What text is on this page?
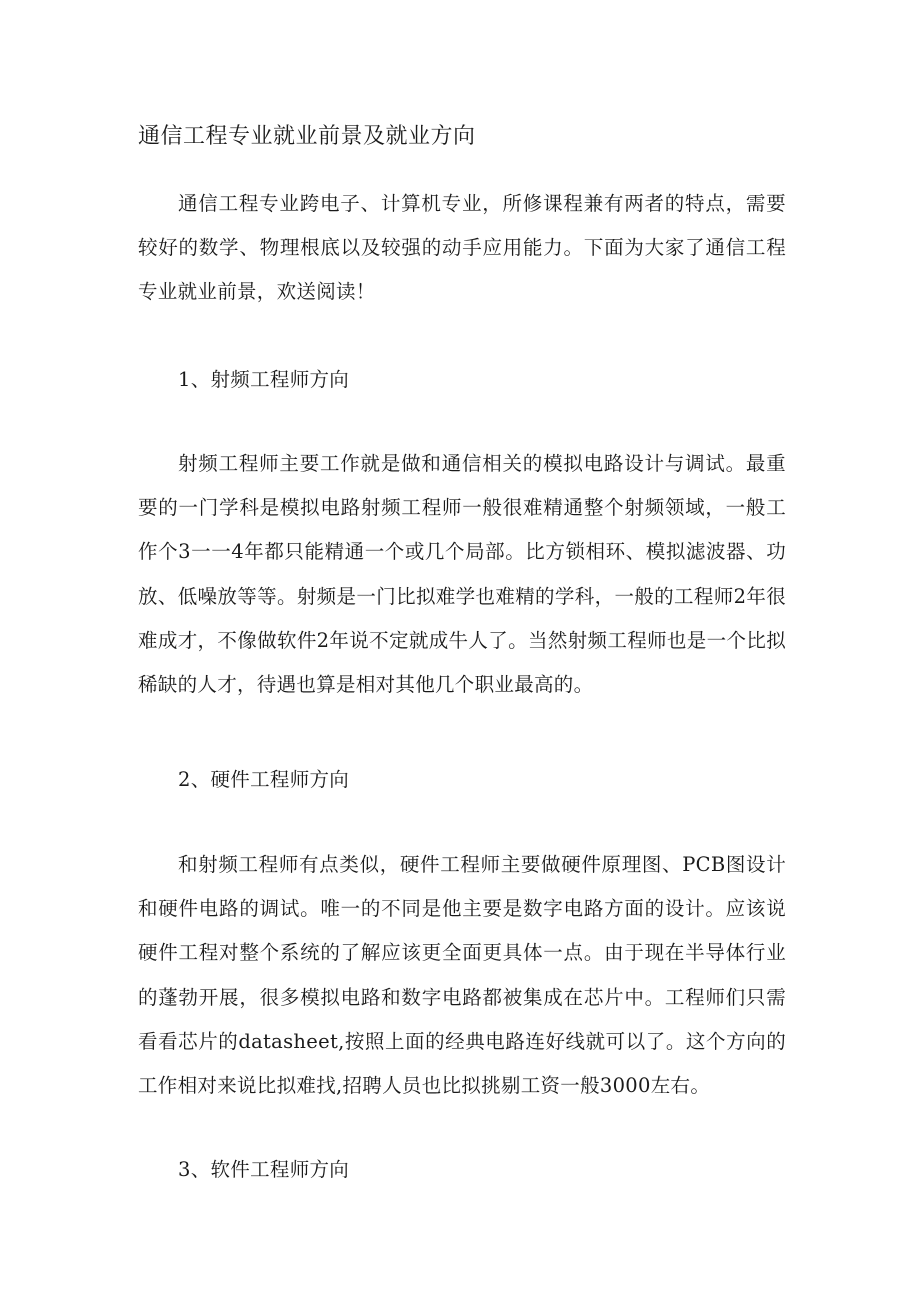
通信工程专业就业前景及就业方向

通信工程专业跨电子、计算机专业，所修课程兼有两者的特点，需要较好的数学、物理根底以及较强的动手应用能力。下面为大家了通信工程专业就业前景，欢送阅读！

1、射频工程师方向

射频工程师主要工作就是做和通信相关的模拟电路设计与调试。最重要的一门学科是模拟电路射频工程师一般很难精通整个射频领域，一般工作个3一一4年都只能精通一个或几个局部。比方锁相环、模拟滤波器、功放、低噪放等等。射频是一门比拟难学也难精的学科，一般的工程师2年很难成才，不像做软件2年说不定就成牛人了。当然射频工程师也是一个比拟稀缺的人才，待遇也算是相对其他几个职业最高的。

2、硬件工程师方向

和射频工程师有点类似，硬件工程师主要做硬件原理图、PCB图设计和硬件电路的调试。唯一的不同是他主要是数字电路方面的设计。应该说硬件工程对整个系统的了解应该更全面更具体一点。由于现在半导体行业的蓬勃开展，很多模拟电路和数字电路都被集成在芯片中。工程师们只需看看芯片的datasheet,按照上面的经典电路连好线就可以了。这个方向的工作相对来说比拟难找,招聘人员也比拟挑剔工资一般3000左右。

3、软件工程师方向
